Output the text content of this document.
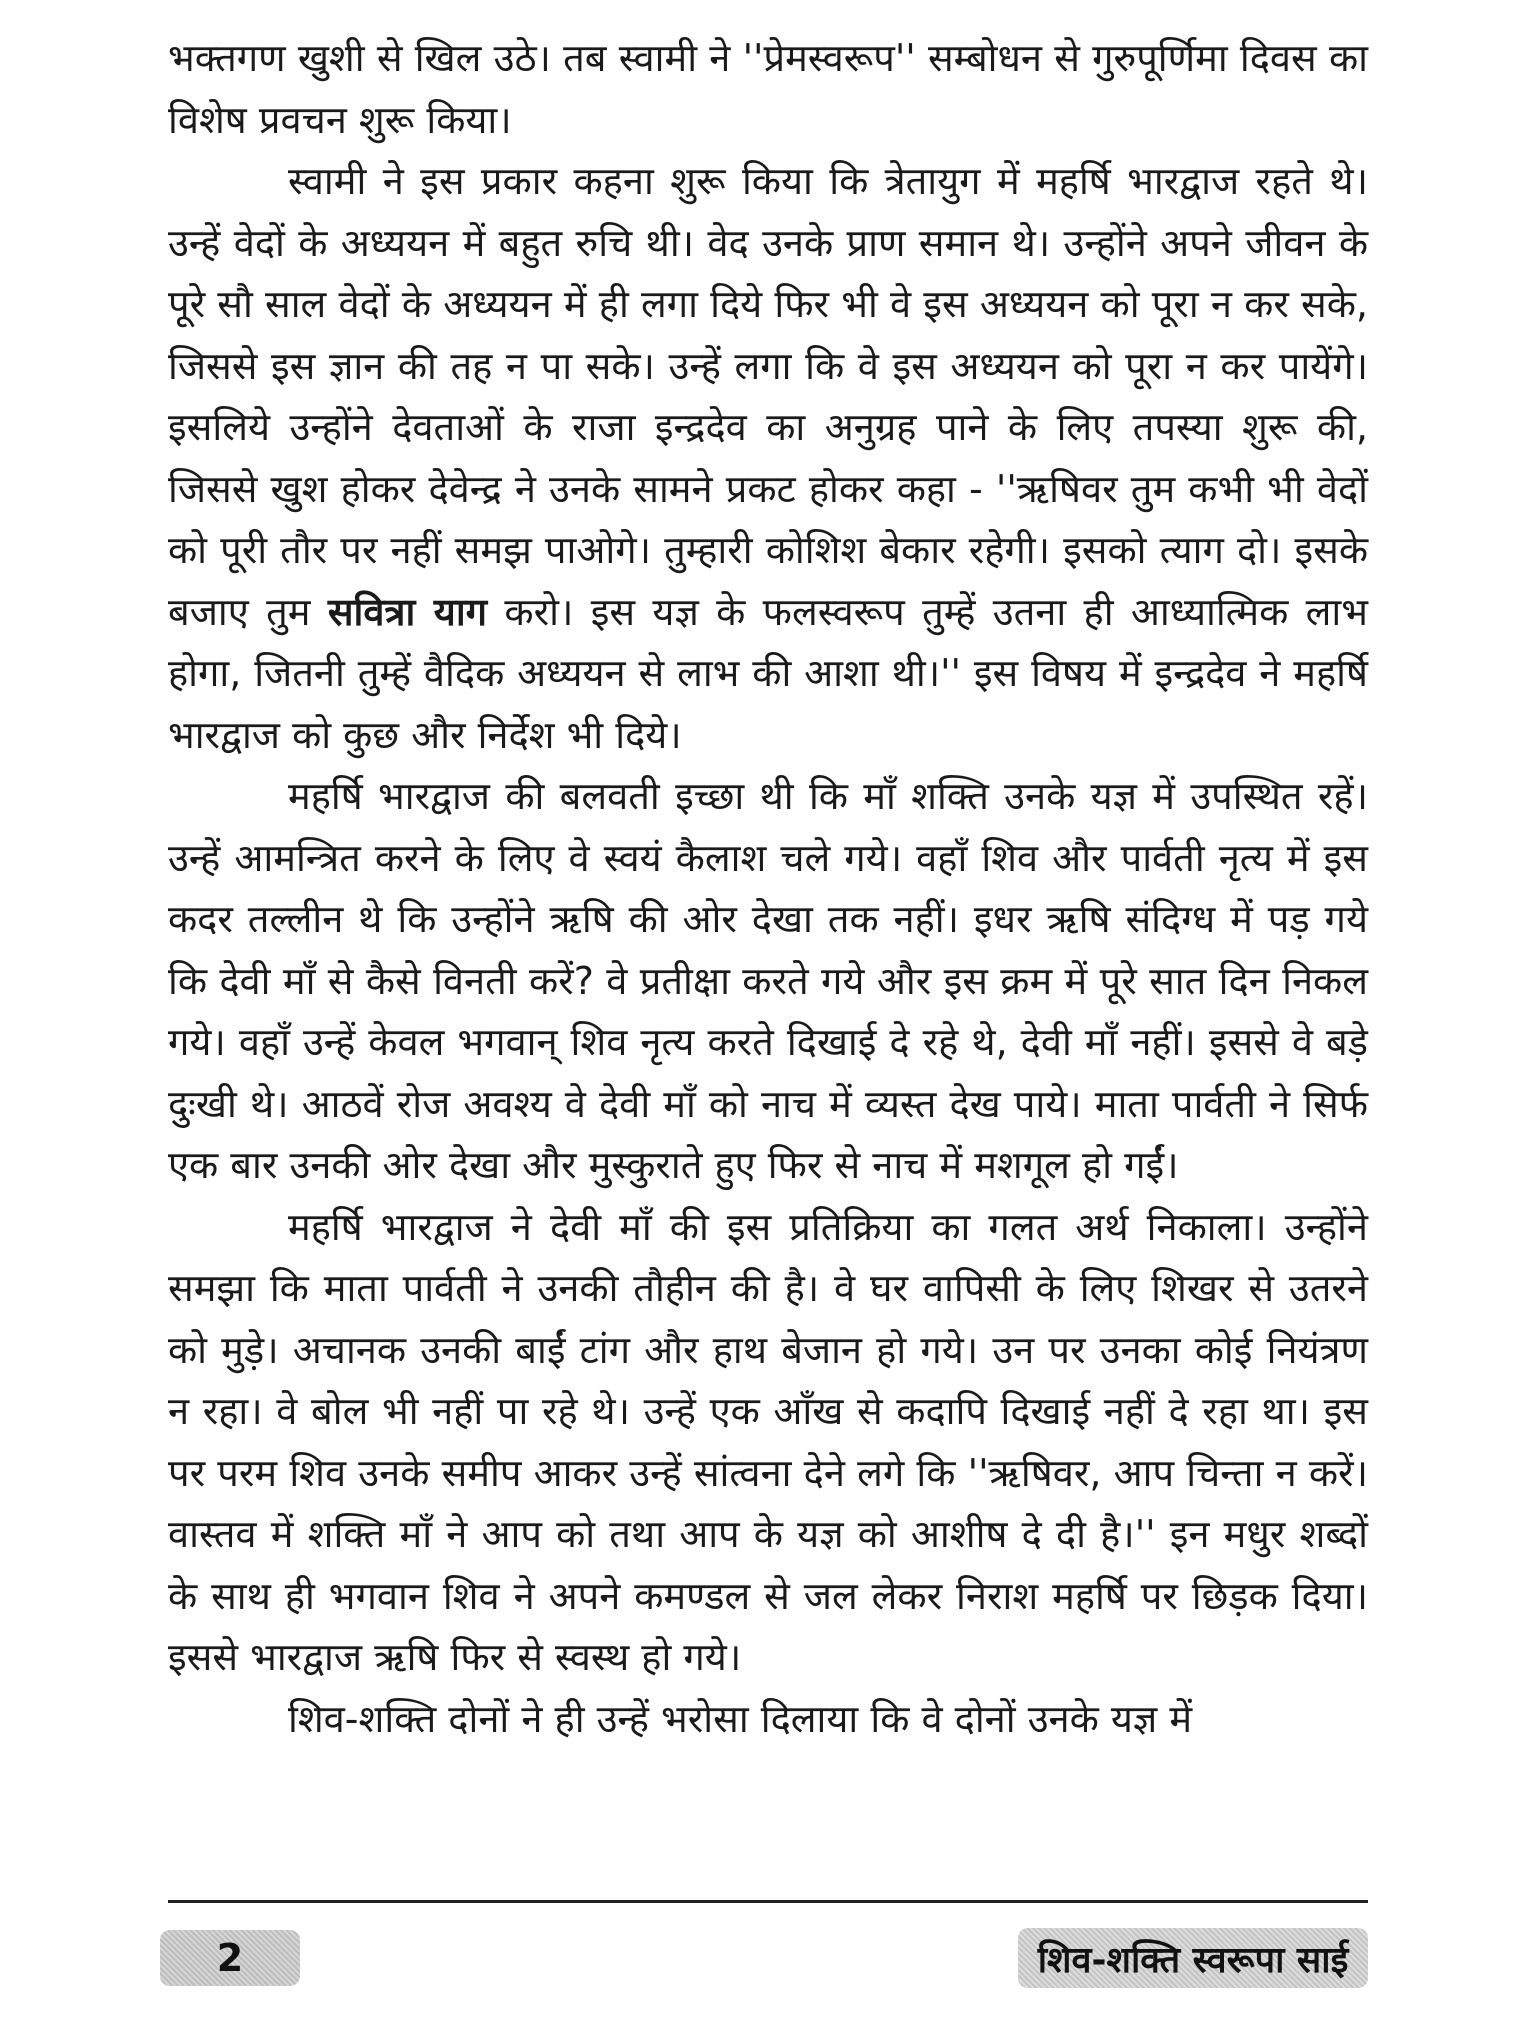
भक्तगण खुशी से खिल उठे। तब स्वामी ने ''प्रेमस्वरूप'' सम्बोधन से गुरुपूर्णिमा दिवस का विशेष प्रवचन शुरू किया।

स्वामी ने इस प्रकार कहना शुरू किया कि त्रेतायुग में महर्षि भारद्वाज रहते थे। उन्हें वेदों के अध्ययन में बहुत रुचि थी। वेद उनके प्राण समान थे। उन्होंने अपने जीवन के पूरे सौ साल वेदों के अध्ययन में ही लगा दिये फिर भी वे इस अध्ययन को पूरा न कर सके, जिससे इस ज्ञान की तह न पा सके। उन्हें लगा कि वे इस अध्ययन को पूरा न कर पायेंगे। इसलिये उन्होंने देवताओं के राजा इन्द्रदेव का अनुग्रह पाने के लिए तपस्या शुरू की, जिससे खुश होकर देवेन्द्र ने उनके सामने प्रकट होकर कहा - ''ऋषिवर तुम कभी भी वेदों को पूरी तौर पर नहीं समझ पाओगे। तुम्हारी कोशिश बेकार रहेगी। इसको त्याग दो। इसके बजाए तुम सवित्रा याग करो। इस यज्ञ के फलस्वरूप तुम्हें उतना ही आध्यात्मिक लाभ होगा, जितनी तुम्हें वैदिक अध्ययन से लाभ की आशा थी।'' इस विषय में इन्द्रदेव ने महर्षि भारद्वाज को कुछ और निर्देश भी दिये।

महर्षि भारद्वाज की बलवती इच्छा थी कि माँ शक्ति उनके यज्ञ में उपस्थित रहें। उन्हें आमन्त्रित करने के लिए वे स्वयं कैलाश चले गये। वहाँ शिव और पार्वती नृत्य में इस कदर तल्लीन थे कि उन्होंने ऋषि की ओर देखा तक नहीं। इधर ऋषि संदिग्ध में पड़ गये कि देवी माँ से कैसे विनती करें? वे प्रतीक्षा करते गये और इस क्रम में पूरे सात दिन निकल गये। वहाँ उन्हें केवल भगवान् शिव नृत्य करते दिखाई दे रहे थे, देवी माँ नहीं। इससे वे बड़े दुःखी थे। आठवें रोज अवश्य वे देवी माँ को नाच में व्यस्त देख पाये। माता पार्वती ने सिर्फ एक बार उनकी ओर देखा और मुस्कुराते हुए फिर से नाच में मशगूल हो गईं।

महर्षि भारद्वाज ने देवी माँ की इस प्रतिक्रिया का गलत अर्थ निकाला। उन्होंने समझा कि माता पार्वती ने उनकी तौहीन की है। वे घर वापिसी के लिए शिखर से उतरने को मुड़े। अचानक उनकी बाईं टांग और हाथ बेजान हो गये। उन पर उनका कोई नियंत्रण न रहा। वे बोल भी नहीं पा रहे थे। उन्हें एक आँख से कदापि दिखाई नहीं दे रहा था। इस पर परम शिव उनके समीप आकर उन्हें सांत्वना देने लगे कि ''ऋषिवर, आप चिन्ता न करें। वास्तव में शक्ति माँ ने आप को तथा आप के यज्ञ को आशीष दे दी है।'' इन मधुर शब्दों के साथ ही भगवान शिव ने अपने कमण्डल से जल लेकर निराश महर्षि पर छिड़क दिया। इससे भारद्वाज ऋषि फिर से स्वस्थ हो गये।

शिव-शक्ति दोनों ने ही उन्हें भरोसा दिलाया कि वे दोनों उनके यज्ञ में

2	शिव-शक्ति स्वरूपा साई
